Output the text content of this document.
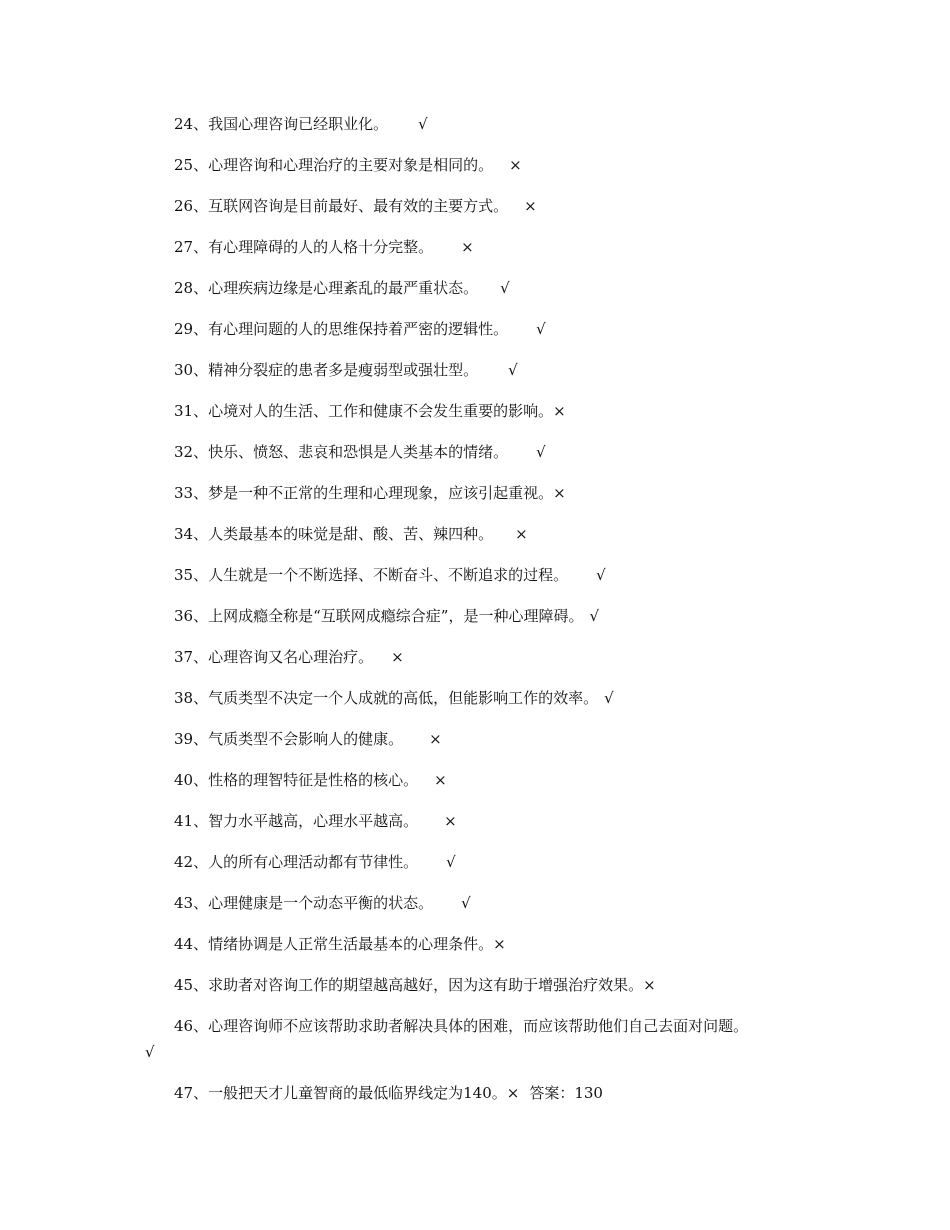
24、我国心理咨询已经职业化。 √
25、心理咨询和心理治疗的主要对象是相同的。 ×
26、互联网咨询是目前最好、最有效的主要方式。 ×
27、有心理障碍的人的人格十分完整。 ×
28、心理疾病边缘是心理紊乱的最严重状态。 √
29、有心理问题的人的思维保持着严密的逻辑性。 √
30、精神分裂症的患者多是瘦弱型或强壮型。 √
31、心境对人的生活、工作和健康不会发生重要的影响。×
32、快乐、愤怒、悲哀和恐惧是人类基本的情绪。 √
33、梦是一种不正常的生理和心理现象，应该引起重视。×
34、人类最基本的味觉是甜、酸、苦、辣四种。 ×
35、人生就是一个不断选择、不断奋斗、不断追求的过程。 √
36、上网成瘾全称是“互联网成瘾综合症”，是一种心理障碍。 √
37、心理咨询又名心理治疗。 ×
38、气质类型不决定一个人成就的高低，但能影响工作的效率。 √
39、气质类型不会影响人的健康。 ×
40、性格的理智特征是性格的核心。 ×
41、智力水平越高，心理水平越高。 ×
42、人的所有心理活动都有节律性。 √
43、心理健康是一个动态平衡的状态。 √
44、情绪协调是人正常生活最基本的心理条件。×
45、求助者对咨询工作的期望越高越好，因为这有助于增强治疗效果。×
46、心理咨询师不应该帮助求助者解决具体的困难，而应该帮助他们自己去面对问题。
√
47、一般把天才儿童智商的最低临界线定为140。× 答案：130
